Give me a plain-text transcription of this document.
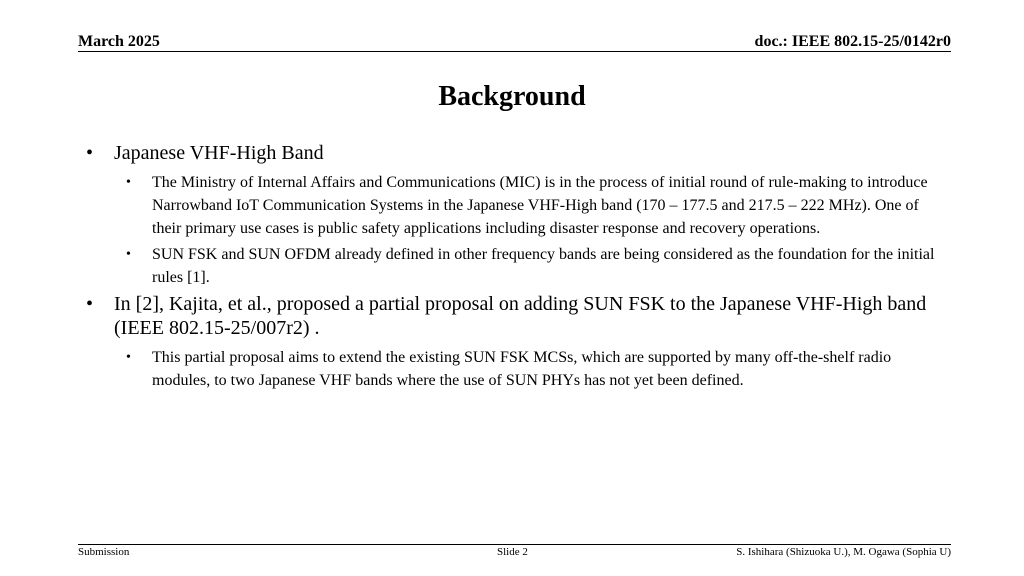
March 2025	doc.: IEEE 802.15-25/0142r0
Background
• Japanese VHF-High Band
• The Ministry of Internal Affairs and Communications (MIC) is in the process of initial round of rule-making to introduce Narrowband IoT Communication Systems in the Japanese VHF-High band (170 – 177.5 and 217.5 – 222 MHz). One of their primary use cases is public safety applications including disaster response and recovery operations.
• SUN FSK and SUN OFDM already defined in other frequency bands are being considered as the foundation for the initial rules [1].
• In [2], Kajita, et al., proposed a partial proposal on adding SUN FSK to the Japanese VHF-High band (IEEE 802.15-25/007r2) .
• This partial proposal aims to extend the existing SUN FSK MCSs, which are supported by many off-the-shelf radio modules, to two Japanese VHF bands where the use of SUN PHYs has not yet been defined.
Submission	Slide 2	S. Ishihara (Shizuoka U.), M. Ogawa (Sophia U)
